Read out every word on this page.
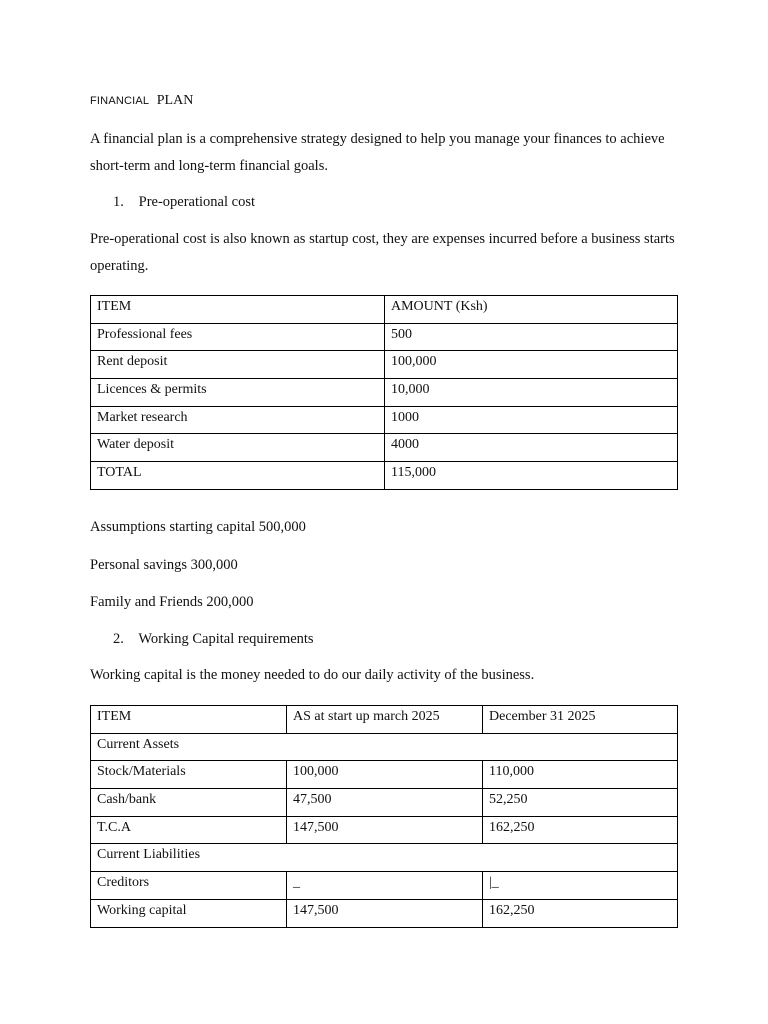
FINANCIAL PLAN

A financial plan is a comprehensive strategy designed to help you manage your finances to achieve short-term and long-term financial goals.

1. Pre-operational cost

Pre-operational cost is also known as startup cost, they are expenses incurred before a business starts operating.

ITEM	AMOUNT (Ksh)
Professional fees	500
Rent deposit	100,000
Licences & permits	10,000
Market research	1000
Water deposit	4000
TOTAL	115,000

Assumptions starting capital 500,000

Personal savings 300,000

Family and Friends 200,000

2. Working Capital requirements

Working capital is the money needed to do our daily activity of the business.

ITEM	AS at start up march 2025	December 31 2025
Current Assets		
Stock/Materials	100,000	110,000
Cash/bank	47,500	52,250
T.C.A	147,500	162,250
Current Liabilities		
Creditors	_	|_
Working capital	147,500	162,250
